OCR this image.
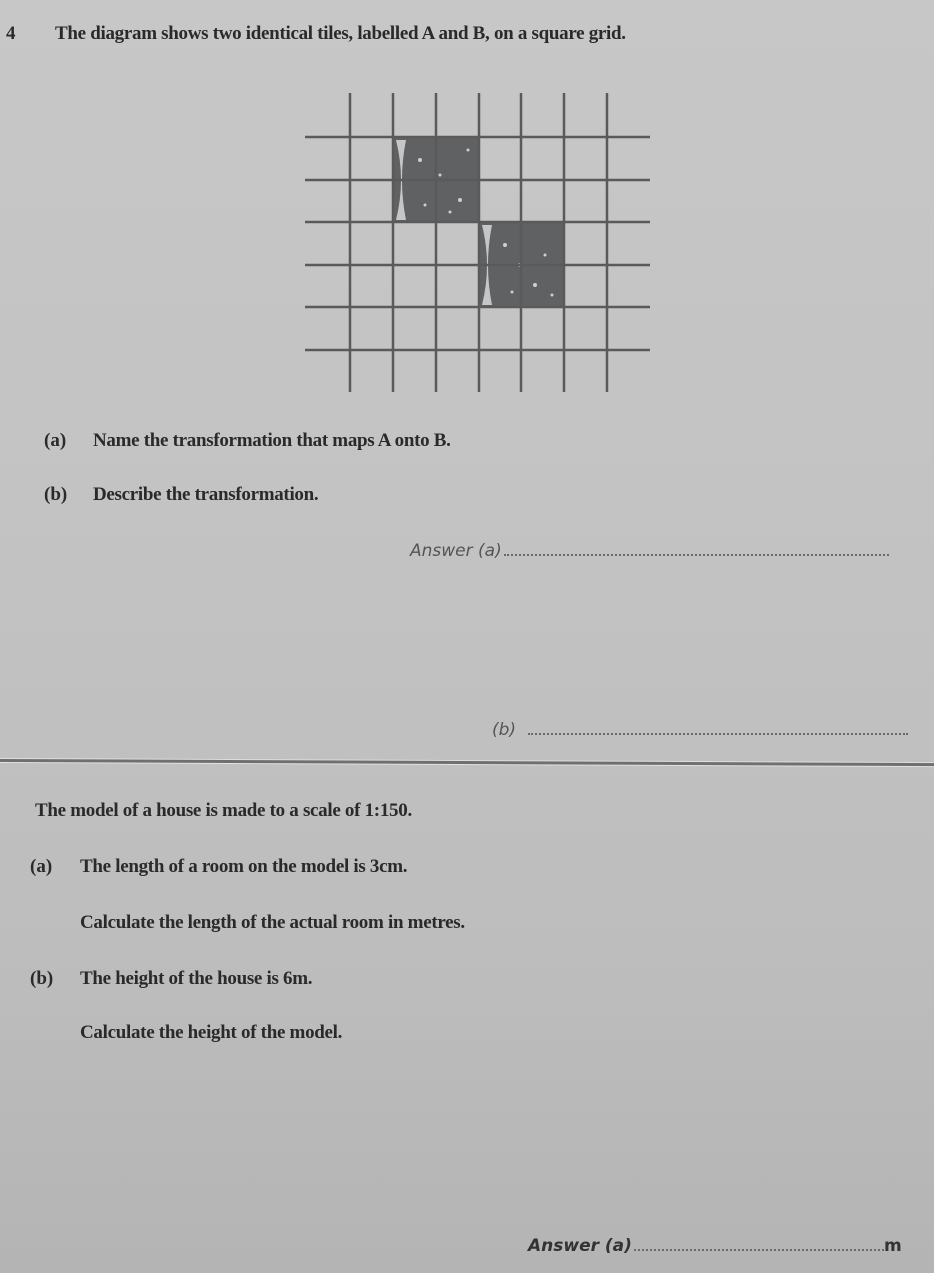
4 The diagram shows two identical tiles, labelled A and B, on a square grid.
(a) Name the transformation that maps A onto B.
(b) Describe the transformation.
Answer (a)
(b)
The model of a house is made to a scale of 1:150.
(a) The length of a room on the model is 3cm.
Calculate the length of the actual room in metres.
(b) The height of the house is 6m.
Calculate the height of the model.
Answer (a)	m
